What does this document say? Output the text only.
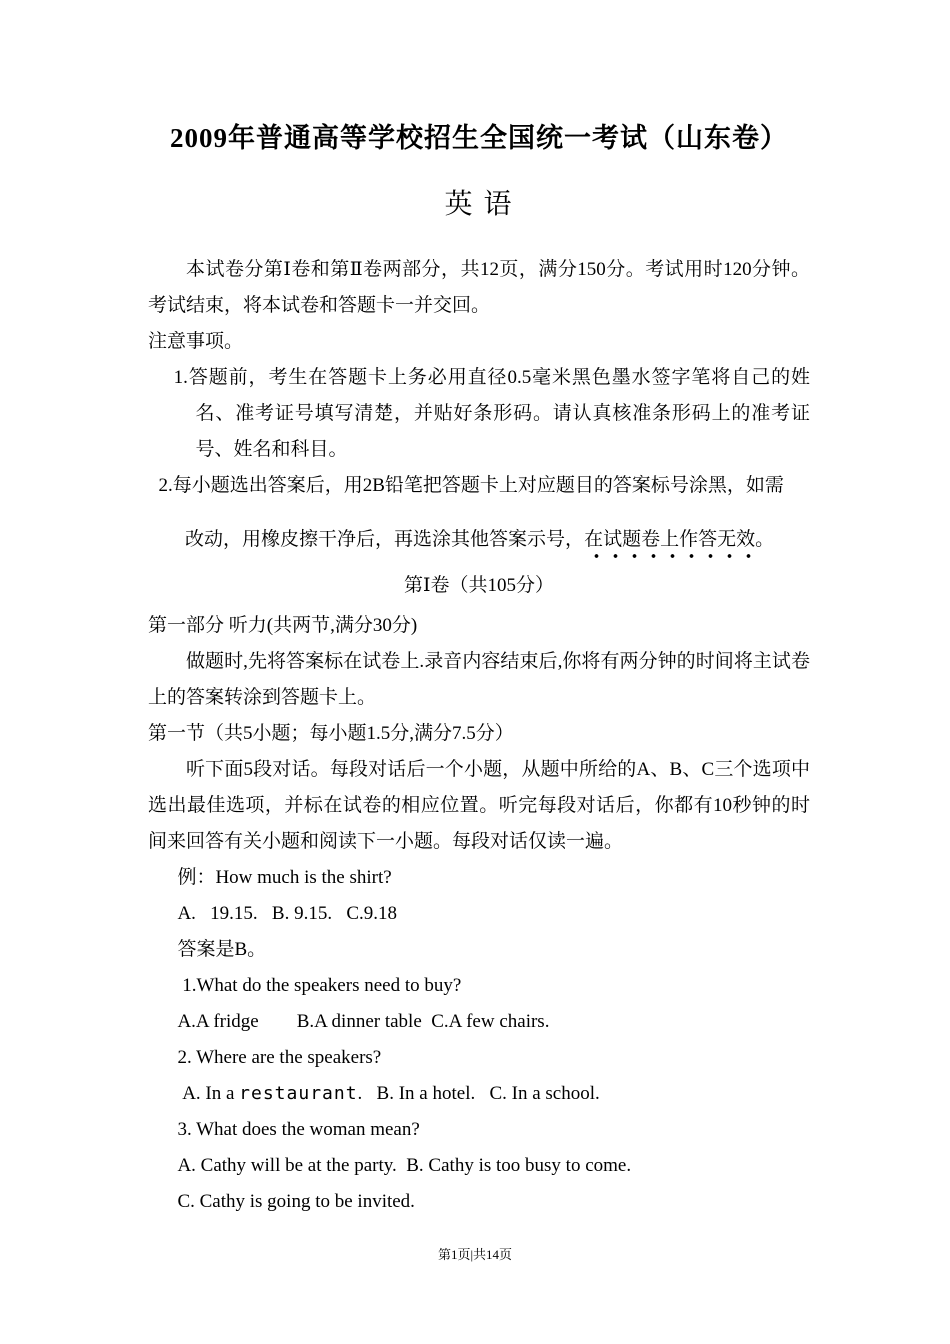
2009年普通高等学校招生全国统一考试（山东卷）
英 语

本试卷分第Ⅰ卷和第Ⅱ卷两部分，共12页，满分150分。考试用时120分钟。考试结束，将本试卷和答题卡一并交回。

注意事项。

1.答题前，考生在答题卡上务必用直径0.5毫米黑色墨水签字笔将自己的姓名、准考证号填写清楚，并贴好条形码。请认真核准条形码上的准考证号、姓名和科目。

2.每小题选出答案后，用2B铅笔把答题卡上对应题目的答案标号涂黑，如需

改动，用橡皮擦干净后，再选涂其他答案示号，在试题卷上作答无效。

第Ⅰ卷（共105分）

第一部分 听力(共两节,满分30分)

做题时,先将答案标在试卷上.录音内容结束后,你将有两分钟的时间将主试卷上的答案转涂到答题卡上。

第一节（共5小题；每小题1.5分,满分7.5分）

听下面5段对话。每段对话后一个小题，从题中所给的A、B、C三个选项中选出最佳选项，并标在试卷的相应位置。听完每段对话后，你都有10秒钟的时间来回答有关小题和阅读下一小题。每段对话仅读一遍。

例：How much is the shirt?

A.   19.15.   B. 9.15.   C.9.18

答案是B。

1.What do the speakers need to buy?

A.A fridge        B.A dinner table  C.A few chairs.

2. Where are the speakers?

A. In a restaurant.   B. In a hotel.   C. In a school.

3. What does the woman mean?

A. Cathy will be at the party.  B. Cathy is too busy to come.

C. Cathy is going to be invited.

第1页|共14页
